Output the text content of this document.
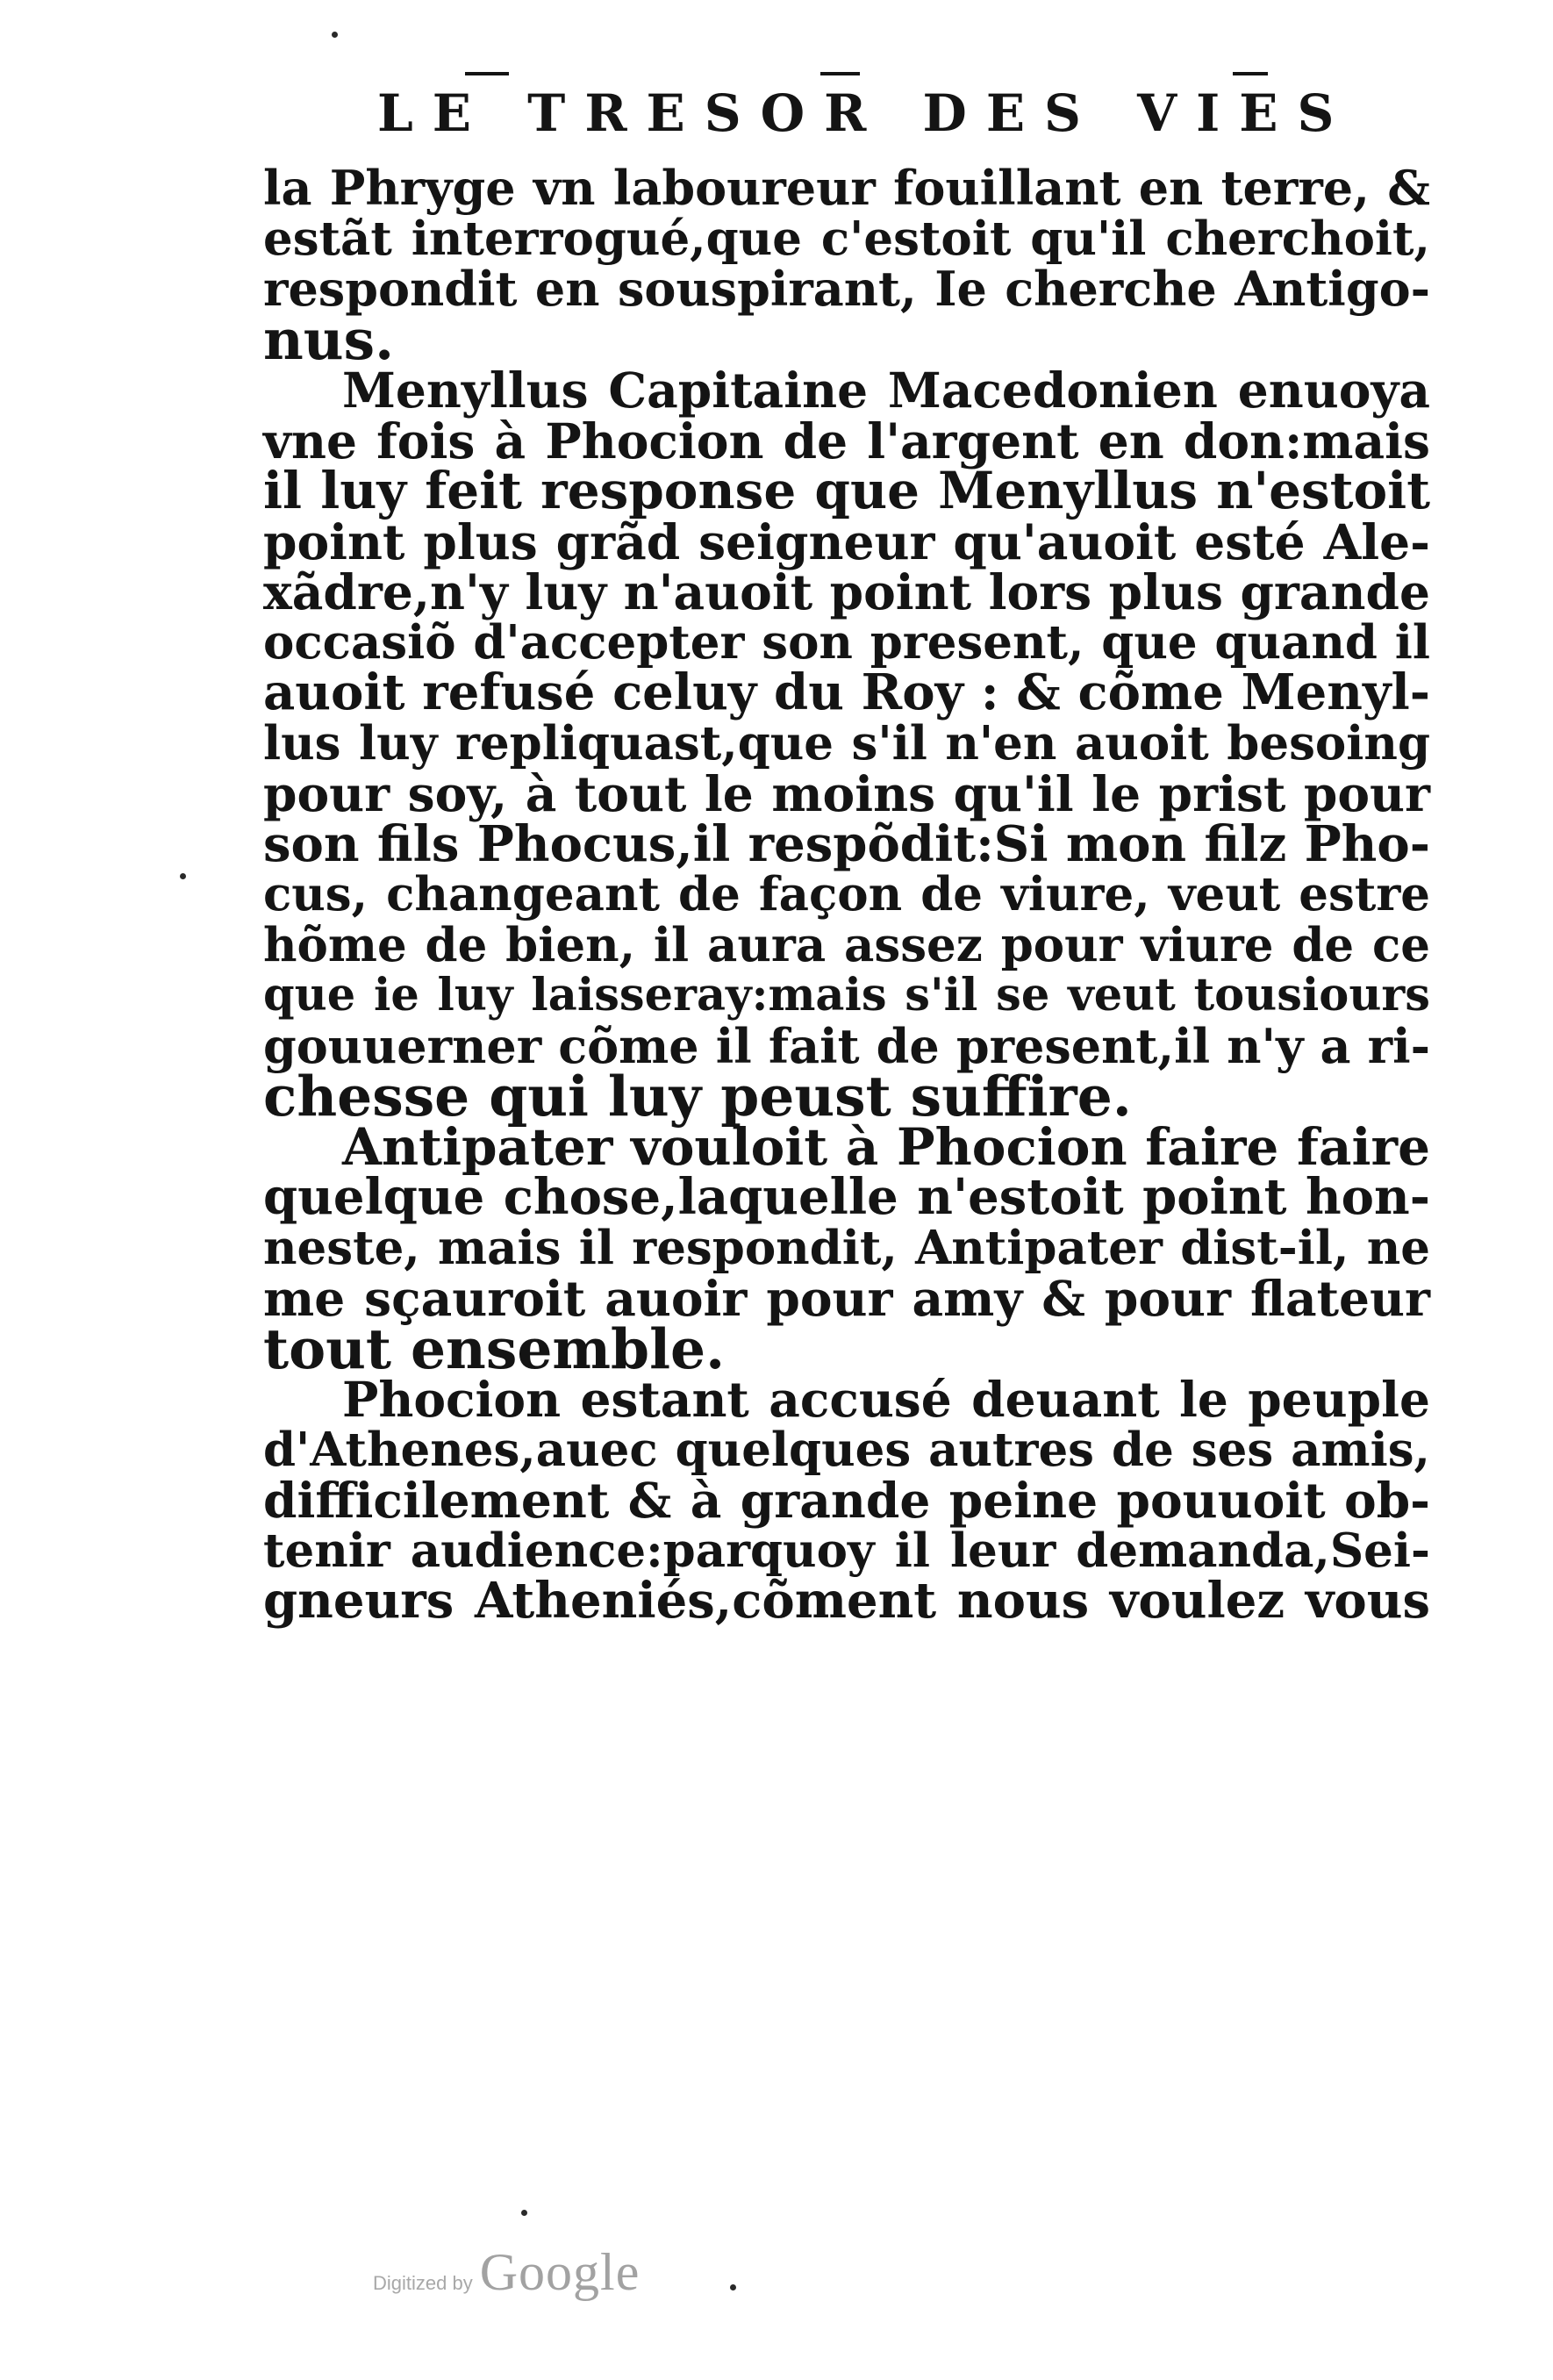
LE TRESOR DES VIES
la Phryge vn laboureur fouillant en terre, &
estãt interrogué,que c'estoit qu'il cherchoit,
respondit en souspirant, Ie cherche Antigo-
nus.
Menyllus Capitaine Macedonien enuoya
vne fois à Phocion de l'argent en don:mais
il luy feit response que Menyllus n'estoit
point plus grãd seigneur qu'auoit esté Ale-
xãdre,n'y luy n'auoit point lors plus grande
occasiõ d'accepter son present, que quand il
auoit refusé celuy du Roy : & cõme Menyl-
lus luy repliquast,que s'il n'en auoit besoing
pour soy, à tout le moins qu'il le prist pour
son fils Phocus,il respõdit:Si mon filz Pho-
cus, changeant de façon de viure, veut estre
hõme de bien, il aura assez pour viure de ce
que ie luy laisseray:mais s'il se veut tousiours
gouuerner cõme il fait de present,il n'y a ri-
chesse qui luy peust suffire.
Antipater vouloit à Phocion faire faire
quelque chose,laquelle n'estoit point hon-
neste, mais il respondit, Antipater dist-il, ne
me sçauroit auoir pour amy & pour flateur
tout ensemble.
Phocion estant accusé deuant le peuple
d'Athenes,auec quelques autres de ses amis,
difficilement & à grande peine pouuoit ob-
tenir audience:parquoy il leur demanda,Sei-
gneurs Atheniés,cõment nous voulez vous
Digitized by Google
